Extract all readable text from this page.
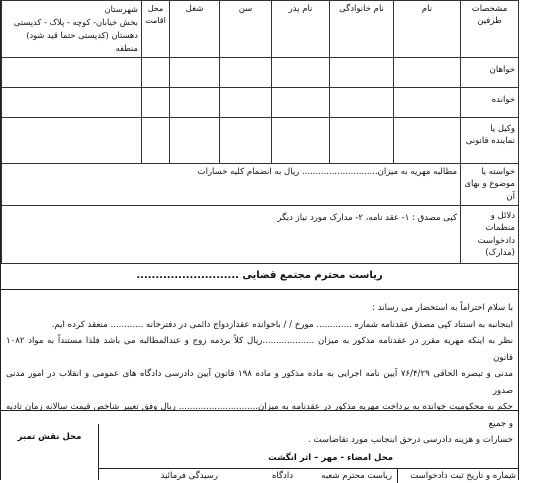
مشخصات طرفین	نام	نام خانوادگی	نام پدر	سن	شغل	محل اقامت	شهرستان
بخش خیابان- کوچه - پلاک - کدپستی
دهستان (کدپستی حتما قید شود)
منطقه

خواهان							
خوانده							
وکیل یا نماینده قانونی							
خواسته یا موضوع و بهای آن	مطالبه مهریه به میزان............................ ریال به انضمام کلیه خسارات						
دلائل و منظمات دادخواست (مدارک)	کپی مصدق : ۱- عقد نامه، ۲- مدارک مورد نیاز دیگر						
ریاست محترم مجتمع قضایی ...........................

با سلام احتراماً به استحضار می رساند :

اینجانبه به استناد کپی مصدق عقدنامه شماره ............. مورخ / / باخوانده عقدازدواج دائمی در دفترخانه ............ منعقد کرده ایم.

نظر به اینکه مهریه مقرر در عقدنامه مذکور به میزان ...................ریال کلاً برذمه زوج و عندالمطالبه می باشد فلذا مستنداً به مواد ۱۰۸۲ قانون

مدنی و تبصره الحاقی ۷۶/۴/۲۹ آیین نامه اجرایی به ماده مذکور و ماده ۱۹۸ قانون آیین دادرسی دادگاه های عمومی و انقلاب در امور مدنی صدور

حکم به محکومیت خوانده به پرداخت مهریه مذکور در عقدنامه به میزان............................. ریال وفق تغییر شاخص قیمت سالانه زمان تادیه و جمیع

خسارات و هزینه دادرسی درحق اینجانب مورد تقاضاست .

محل نقش تمبر
محل امضاء - مهر – اثر انگشت
شماره و تاریخ ثبت دادخواست
ریاست محترم شعبه
دادگاه
رسیدگی فرمائید
